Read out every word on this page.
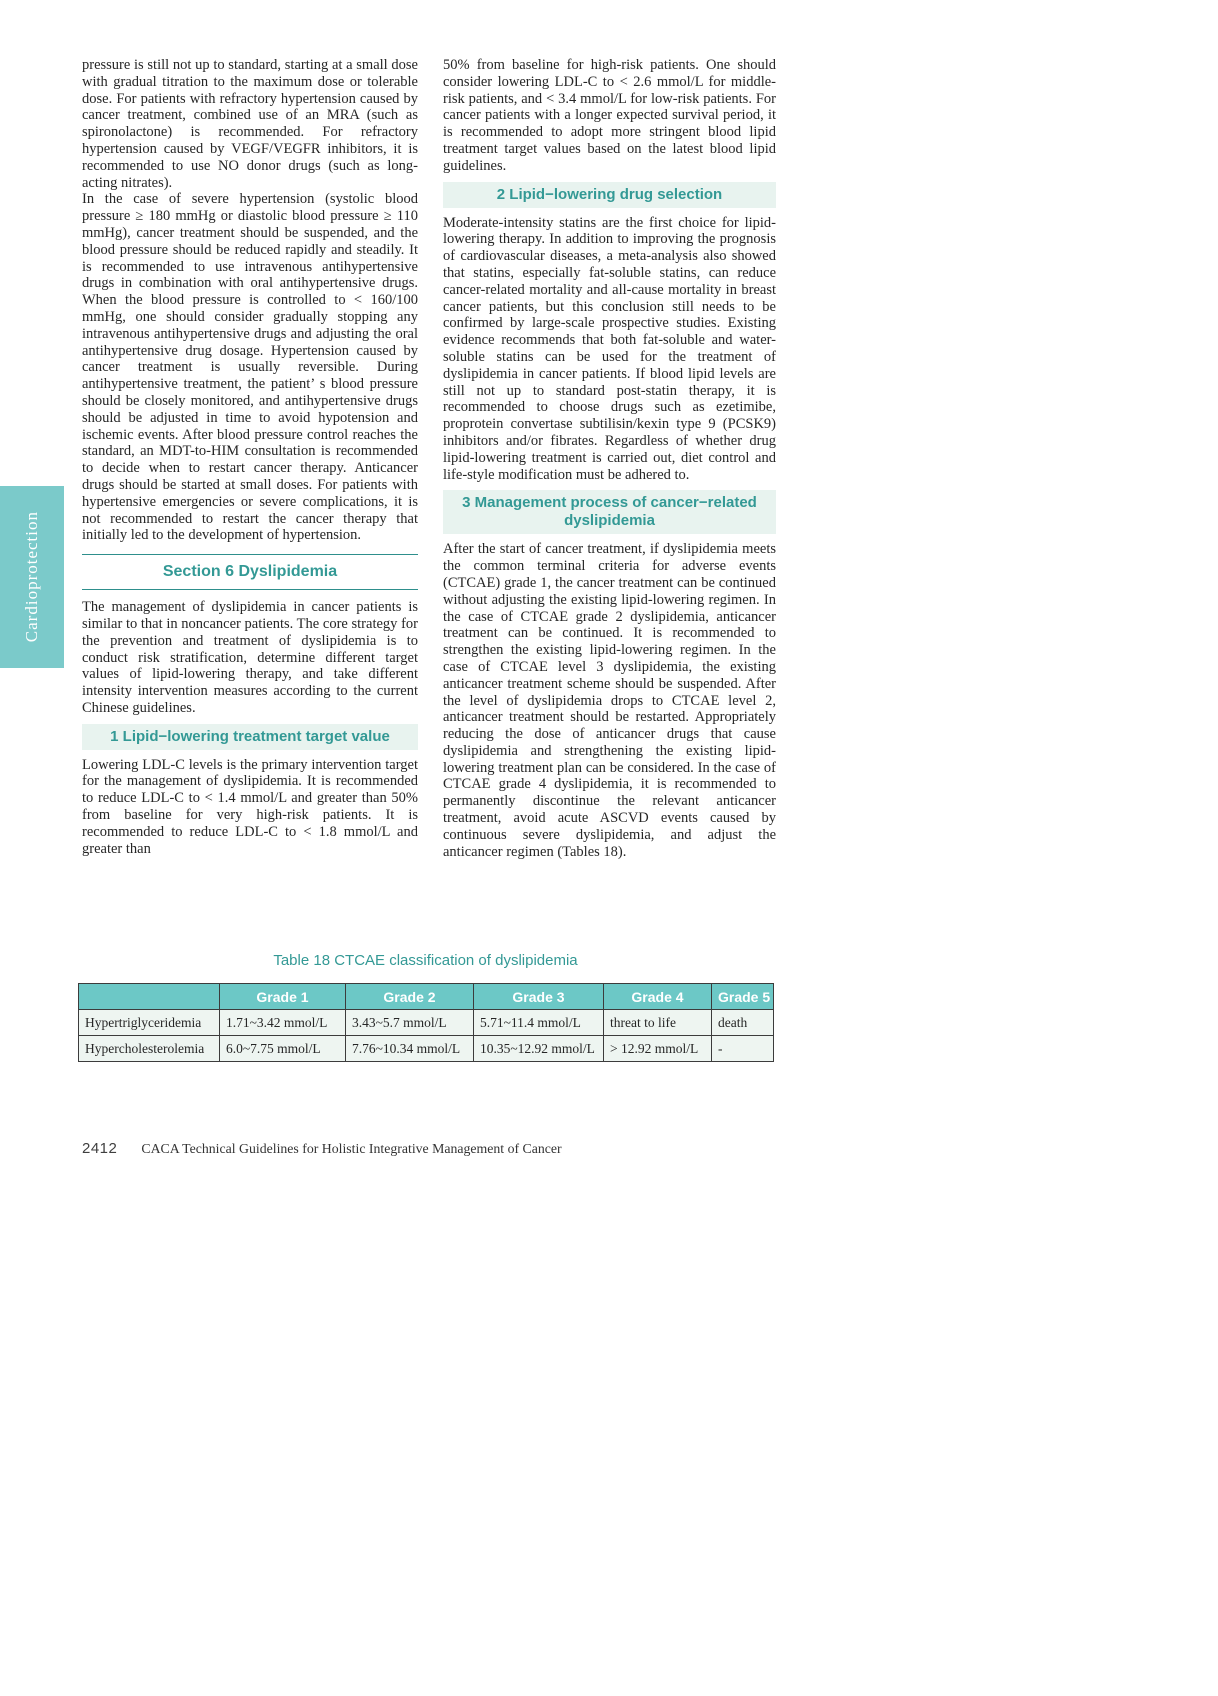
Cardioprotection

pressure is still not up to standard, starting at a small dose with gradual titration to the maximum dose or tolerable dose. For patients with refractory hypertension caused by cancer treatment, combined use of an MRA (such as spironolactone) is recommended. For refractory hypertension caused by VEGF/VEGFR inhibitors, it is recommended to use NO donor drugs (such as long-acting nitrates).

In the case of severe hypertension (systolic blood pressure ≥ 180 mmHg or diastolic blood pressure ≥ 110 mmHg), cancer treatment should be suspended, and the blood pressure should be reduced rapidly and steadily. It is recommended to use intravenous antihypertensive drugs in combination with oral antihypertensive drugs. When the blood pressure is controlled to < 160/100 mmHg, one should consider gradually stopping any intravenous antihypertensive drugs and adjusting the oral antihypertensive drug dosage. Hypertension caused by cancer treatment is usually reversible. During antihypertensive treatment, the patient’ s blood pressure should be closely monitored, and antihypertensive drugs should be adjusted in time to avoid hypotension and ischemic events. After blood pressure control reaches the standard, an MDT-to-HIM consultation is recommended to decide when to restart cancer therapy. Anticancer drugs should be started at small doses. For patients with hypertensive emergencies or severe complications, it is not recommended to restart the cancer therapy that initially led to the development of hypertension.

Section 6 Dyslipidemia

The management of dyslipidemia in cancer patients is similar to that in noncancer patients. The core strategy for the prevention and treatment of dyslipidemia is to conduct risk stratification, determine different target values of lipid-lowering therapy, and take different intensity intervention measures according to the current Chinese guidelines.

1 Lipid−lowering treatment target value

Lowering LDL-C levels is the primary intervention target for the management of dyslipidemia. It is recommended to reduce LDL-C to < 1.4 mmol/L and greater than 50% from baseline for very high-risk patients. It is recommended to reduce LDL-C to < 1.8 mmol/L and greater than

50% from baseline for high-risk patients. One should consider lowering LDL-C to < 2.6 mmol/L for middle-risk patients, and < 3.4 mmol/L for low-risk patients. For cancer patients with a longer expected survival period, it is recommended to adopt more stringent blood lipid treatment target values based on the latest blood lipid guidelines.

2 Lipid−lowering drug selection

Moderate-intensity statins are the first choice for lipid-lowering therapy. In addition to improving the prognosis of cardiovascular diseases, a meta-analysis also showed that statins, especially fat-soluble statins, can reduce cancer-related mortality and all-cause mortality in breast cancer patients, but this conclusion still needs to be confirmed by large-scale prospective studies. Existing evidence recommends that both fat-soluble and water-soluble statins can be used for the treatment of dyslipidemia in cancer patients. If blood lipid levels are still not up to standard post-statin therapy, it is recommended to choose drugs such as ezetimibe, proprotein convertase subtilisin/kexin type 9 (PCSK9) inhibitors and/or fibrates. Regardless of whether drug lipid-lowering treatment is carried out, diet control and life-style modification must be adhered to.

3 Management process of cancer−related dyslipidemia

After the start of cancer treatment, if dyslipidemia meets the common terminal criteria for adverse events (CTCAE) grade 1, the cancer treatment can be continued without adjusting the existing lipid-lowering regimen. In the case of CTCAE grade 2 dyslipidemia, anticancer treatment can be continued. It is recommended to strengthen the existing lipid-lowering regimen. In the case of CTCAE level 3 dyslipidemia, the existing anticancer treatment scheme should be suspended. After the level of dyslipidemia drops to CTCAE level 2, anticancer treatment should be restarted. Appropriately reducing the dose of anticancer drugs that cause dyslipidemia and strengthening the existing lipid-lowering treatment plan can be considered. In the case of CTCAE grade 4 dyslipidemia, it is recommended to permanently discontinue the relevant anticancer treatment, avoid acute ASCVD events caused by continuous severe dyslipidemia, and adjust the anticancer regimen (Tables 18).

Table 18 CTCAE classification of dyslipidemia
	Grade 1	Grade 2	Grade 3	Grade 4	Grade 5
Hypertriglyceridemia	1.71~3.42 mmol/L	3.43~5.7 mmol/L	5.71~11.4 mmol/L	threat to life	death
Hypercholesterolemia	6.0~7.75 mmol/L	7.76~10.34 mmol/L	10.35~12.92 mmol/L	> 12.92 mmol/L	-
2412 CACA Technical Guidelines for Holistic Integrative Management of Cancer
